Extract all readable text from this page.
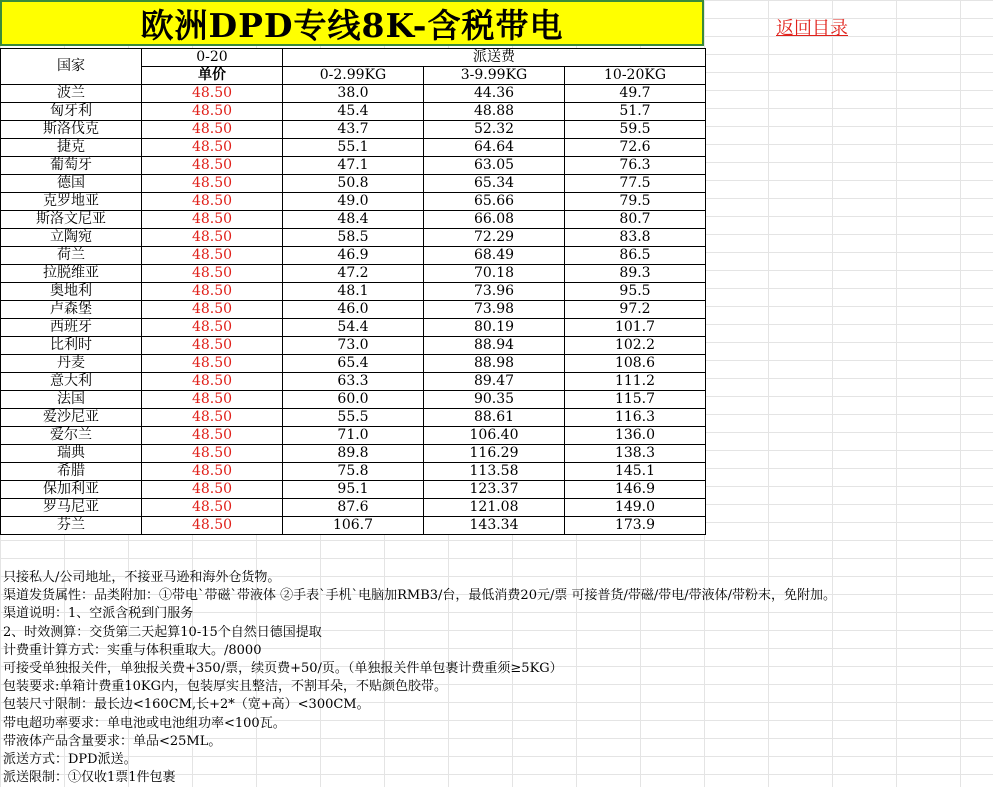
欧洲DPD专线8K-含税带电	返回目录
国家	0-20	派送费		
	单价	0-2.99KG	3-9.99KG	10-20KG
波兰	48.50	38.0	44.36	49.7
匈牙利	48.50	45.4	48.88	51.7
斯洛伐克	48.50	43.7	52.32	59.5
捷克	48.50	55.1	64.64	72.6
葡萄牙	48.50	47.1	63.05	76.3
德国	48.50	50.8	65.34	77.5
克罗地亚	48.50	49.0	65.66	79.5
斯洛文尼亚	48.50	48.4	66.08	80.7
立陶宛	48.50	58.5	72.29	83.8
荷兰	48.50	46.9	68.49	86.5
拉脱维亚	48.50	47.2	70.18	89.3
奥地利	48.50	48.1	73.96	95.5
卢森堡	48.50	46.0	73.98	97.2
西班牙	48.50	54.4	80.19	101.7
比利时	48.50	73.0	88.94	102.2
丹麦	48.50	65.4	88.98	108.6
意大利	48.50	63.3	89.47	111.2
法国	48.50	60.0	90.35	115.7
爱沙尼亚	48.50	55.5	88.61	116.3
爱尔兰	48.50	71.0	106.40	136.0
瑞典	48.50	89.8	116.29	138.3
希腊	48.50	75.8	113.58	145.1
保加利亚	48.50	95.1	123.37	146.9
罗马尼亚	48.50	87.6	121.08	149.0
芬兰	48.50	106.7	143.34	173.9
只接私人/公司地址，不接亚马逊和海外仓货物。
渠道发货属性：品类附加：①带电`带磁`带液体 ②手表`手机`电脑加RMB3/台，最低消费20元/票 可接普货/带磁/带电/带液体/带粉末，免附加。
渠道说明：1、空派含税到门服务
2、时效测算：交货第二天起算10-15个自然日德国提取
计费重计算方式：实重与体积重取大。/8000
可接受单独报关件，单独报关费+350/票，续页费+50/页。（单独报关件单包裹计费重须≥5KG）
包装要求:单箱计费重10KG内，包装厚实且整洁，不割耳朵，不贴颜色胶带。
包装尺寸限制：最长边<160CM,长+2*（宽+高）<300CM。
带电超功率要求：单电池或电池组功率<100瓦。
带液体产品含量要求：单品<25ML。
派送方式：DPD派送。
派送限制：①仅收1票1件包裹
